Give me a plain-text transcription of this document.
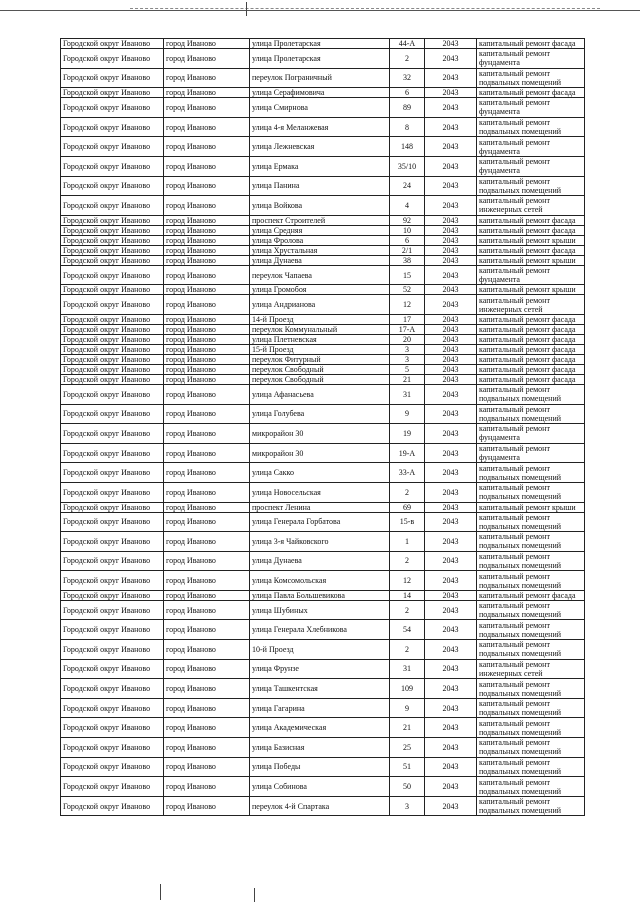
Городской округ Иваново	город Иваново	улица Пролетарская	44-А	2043	капитальный ремонт фасада
Городской округ Иваново	город Иваново	улица Пролетарская	2	2043	капитальный ремонт фундамента
Городской округ Иваново	город Иваново	переулок Пограничный	32	2043	капитальный ремонт подвальных помещений
Городской округ Иваново	город Иваново	улица Серафимовича	6	2043	капитальный ремонт фасада
Городской округ Иваново	город Иваново	улица Смирнова	89	2043	капитальный ремонт фундамента
Городской округ Иваново	город Иваново	улица 4-я Меланжевая	8	2043	капитальный ремонт подвальных помещений
Городской округ Иваново	город Иваново	улица Лежневская	148	2043	капитальный ремонт фундамента
Городской округ Иваново	город Иваново	улица Ермака	35/10	2043	капитальный ремонт фундамента
Городской округ Иваново	город Иваново	улица Панина	24	2043	капитальный ремонт подвальных помещений
Городской округ Иваново	город Иваново	улица Войкова	4	2043	капитальный ремонт инженерных сетей
Городской округ Иваново	город Иваново	проспект Строителей	92	2043	капитальный ремонт фасада
Городской округ Иваново	город Иваново	улица Средняя	10	2043	капитальный ремонт фасада
Городской округ Иваново	город Иваново	улица Фролова	6	2043	капитальный ремонт крыши
Городской округ Иваново	город Иваново	улица Хрустальная	2/1	2043	капитальный ремонт фасада
Городской округ Иваново	город Иваново	улица Дунаева	38	2043	капитальный ремонт крыши
Городской округ Иваново	город Иваново	переулок Чапаева	15	2043	капитальный ремонт фундамента
Городской округ Иваново	город Иваново	улица Громобоя	52	2043	капитальный ремонт крыши
Городской округ Иваново	город Иваново	улица Андрианова	12	2043	капитальный ремонт инженерных сетей
Городской округ Иваново	город Иваново	14-й Проезд	17	2043	капитальный ремонт фасада
Городской округ Иваново	город Иваново	переулок Коммунальный	17-А	2043	капитальный ремонт фасада
Городской округ Иваново	город Иваново	улица Плетневская	20	2043	капитальный ремонт фасада
Городской округ Иваново	город Иваново	15-й Проезд	3	2043	капитальный ремонт фасада
Городской округ Иваново	город Иваново	переулок Фитурный	3	2043	капитальный ремонт фасада
Городской округ Иваново	город Иваново	переулок Свободный	5	2043	капитальный ремонт фасада
Городской округ Иваново	город Иваново	переулок Свободный	21	2043	капитальный ремонт фасада
Городской округ Иваново	город Иваново	улица Афанасьева	31	2043	капитальный ремонт подвальных помещений
Городской округ Иваново	город Иваново	улица Голубева	9	2043	капитальный ремонт подвальных помещений
Городской округ Иваново	город Иваново	микрорайон 30	19	2043	капитальный ремонт фундамента
Городской округ Иваново	город Иваново	микрорайон 30	19-А	2043	капитальный ремонт фундамента
Городской округ Иваново	город Иваново	улица Сакко	33-А	2043	капитальный ремонт подвальных помещений
Городской округ Иваново	город Иваново	улица Новосельская	2	2043	капитальный ремонт подвальных помещений
Городской округ Иваново	город Иваново	проспект Ленина	69	2043	капитальный ремонт крыши
Городской округ Иваново	город Иваново	улица Генерала Горбатова	15-в	2043	капитальный ремонт подвальных помещений
Городской округ Иваново	город Иваново	улица 3-я Чайковского	1	2043	капитальный ремонт подвальных помещений
Городской округ Иваново	город Иваново	улица Дунаева	2	2043	капитальный ремонт подвальных помещений
Городской округ Иваново	город Иваново	улица Комсомольская	12	2043	капитальный ремонт подвальных помещений
Городской округ Иваново	город Иваново	улица Павла Большевикова	14	2043	капитальный ремонт фасада
Городской округ Иваново	город Иваново	улица Шубиных	2	2043	капитальный ремонт подвальных помещений
Городской округ Иваново	город Иваново	улица Генерала Хлебникова	54	2043	капитальный ремонт подвальных помещений
Городской округ Иваново	город Иваново	10-й Проезд	2	2043	капитальный ремонт подвальных помещений
Городской округ Иваново	город Иваново	улица Фрунзе	31	2043	капитальный ремонт инженерных сетей
Городской округ Иваново	город Иваново	улица Ташкентская	109	2043	капитальный ремонт подвальных помещений
Городской округ Иваново	город Иваново	улица Гагарина	9	2043	капитальный ремонт подвальных помещений
Городской округ Иваново	город Иваново	улица Академическая	21	2043	капитальный ремонт подвальных помещений
Городской округ Иваново	город Иваново	улица Базисная	25	2043	капитальный ремонт подвальных помещений
Городской округ Иваново	город Иваново	улица Победы	51	2043	капитальный ремонт подвальных помещений
Городской округ Иваново	город Иваново	улица Собинова	50	2043	капитальный ремонт подвальных помещений
Городской округ Иваново	город Иваново	переулок 4-й Спартака	3	2043	капитальный ремонт подвальных помещений
